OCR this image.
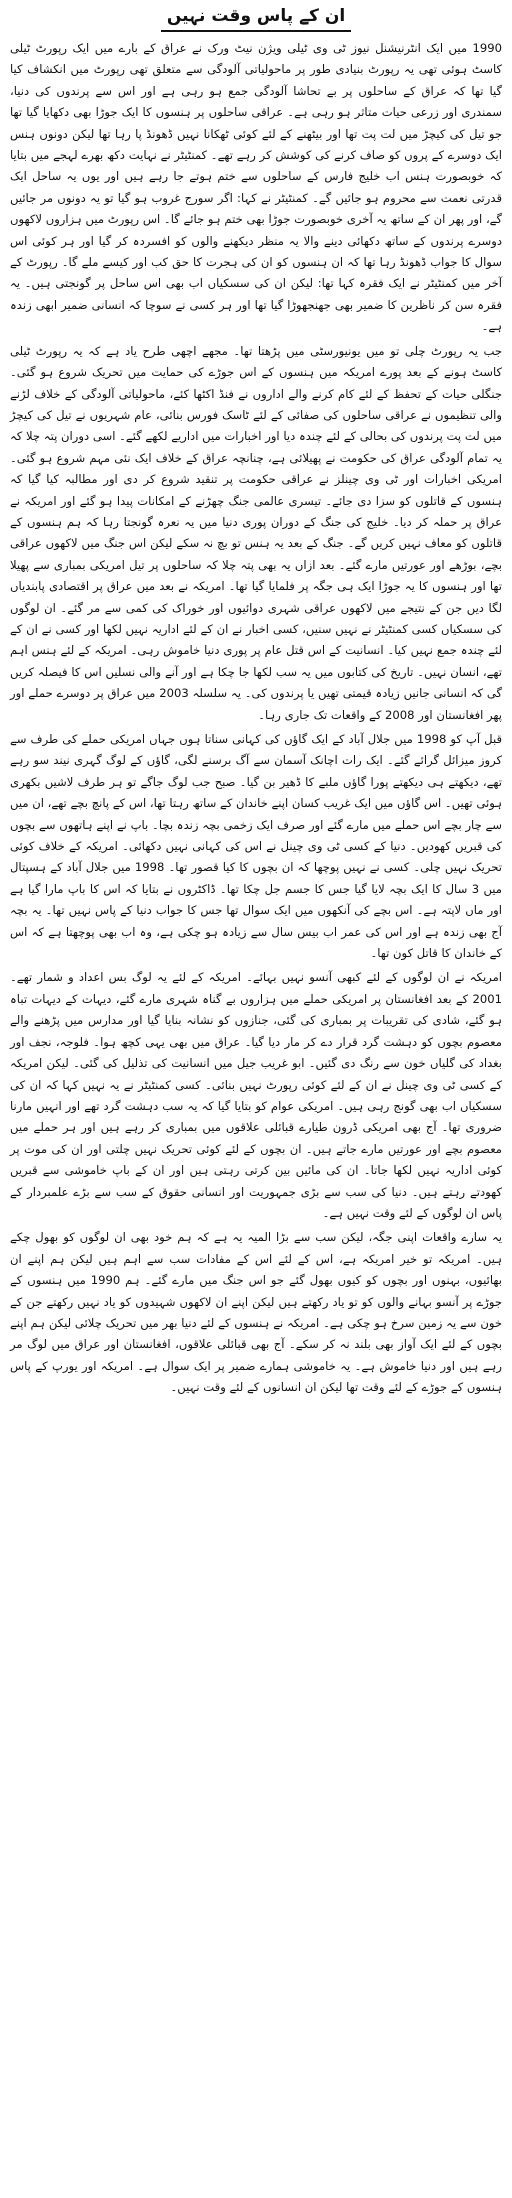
ان کے پاس وقت نہیں

1990 میں ایک انٹرنیشنل نیوز ٹی وی ٹیلی ویژن نیٹ ورک نے عراق کے بارے میں ایک رپورٹ ٹیلی کاسٹ ہوئی تھی یہ رپورٹ بنیادی طور پر ماحولیاتی آلودگی سے متعلق تھی رپورٹ میں انکشاف کیا گیا تھا کہ عراق کے ساحلوں پر بے تحاشا آلودگی جمع ہو رہی ہے اور اس سے پرندوں کی دنیا، سمندری اور زرعی حیات متاثر ہو رہی ہے۔ عراقی ساحلوں پر ہنسوں کا ایک جوڑا بھی دکھایا گیا تھا جو تیل کی کیچڑ میں لت پت تھا اور بیٹھنے کے لئے کوئی ٹھکانا نہیں ڈھونڈ پا رہا تھا لیکن دونوں ہنس ایک دوسرے کے پروں کو صاف کرنے کی کوشش کر رہے تھے۔ کمنٹیٹر نے نہایت دکھ بھرے لہجے میں بتایا کہ خوبصورت ہنس اب خلیج فارس کے ساحلوں سے ختم ہوتے جا رہے ہیں اور یوں یہ ساحل ایک قدرتی نعمت سے محروم ہو جائیں گے۔ کمنٹیٹر نے کہا: اگر سورج غروب ہو گیا تو یہ دونوں مر جائیں گے، اور پھر ان کے ساتھ یہ آخری خوبصورت جوڑا بھی ختم ہو جائے گا۔ اس رپورٹ میں ہزاروں لاکھوں دوسرے پرندوں کے ساتھ دکھائی دینے والا یہ منظر دیکھنے والوں کو افسردہ کر گیا اور ہر کوئی اس سوال کا جواب ڈھونڈ رہا تھا کہ ان ہنسوں کو ان کی ہجرت کا حق کب اور کیسے ملے گا۔ رپورٹ کے آخر میں کمنٹیٹر نے ایک فقرہ کہا تھا: لیکن ان کی سسکیاں اب بھی اس ساحل پر گونجتی ہیں۔ یہ فقرہ سن کر ناظرین کا ضمیر بھی جھنجھوڑا گیا تھا اور ہر کسی نے سوچا کہ انسانی ضمیر ابھی زندہ ہے۔

جب یہ رپورٹ چلی تو میں یونیورسٹی میں پڑھتا تھا۔ مجھے اچھی طرح یاد ہے کہ یہ رپورٹ ٹیلی کاسٹ ہونے کے بعد پورے امریکہ میں ہنسوں کے اس جوڑے کی حمایت میں تحریک شروع ہو گئی۔ جنگلی حیات کے تحفظ کے لئے کام کرنے والے اداروں نے فنڈ اکٹھا کئے، ماحولیاتی آلودگی کے خلاف لڑنے والی تنظیموں نے عراقی ساحلوں کی صفائی کے لئے ٹاسک فورس بنائی، عام شہریوں نے تیل کی کیچڑ میں لت پت پرندوں کی بحالی کے لئے چندہ دیا اور اخبارات میں اداریے لکھے گئے۔ اسی دوران پتہ چلا کہ یہ تمام آلودگی عراق کی حکومت نے پھیلائی ہے، چنانچہ عراق کے خلاف ایک نئی مہم شروع ہو گئی۔ امریکی اخبارات اور ٹی وی چینلز نے عراقی حکومت پر تنقید شروع کر دی اور مطالبہ کیا گیا کہ ہنسوں کے قاتلوں کو سزا دی جائے۔ تیسری عالمی جنگ چھڑنے کے امکانات پیدا ہو گئے اور امریکہ نے عراق پر حملہ کر دیا۔ خلیج کی جنگ کے دوران پوری دنیا میں یہ نعرہ گونجتا رہا کہ ہم ہنسوں کے قاتلوں کو معاف نہیں کریں گے۔ جنگ کے بعد یہ ہنس تو بچ نہ سکے لیکن اس جنگ میں لاکھوں عراقی بچے، بوڑھے اور عورتیں مارے گئے۔ بعد ازاں یہ بھی پتہ چلا کہ ساحلوں پر تیل امریکی بمباری سے پھیلا تھا اور ہنسوں کا یہ جوڑا ایک ہی جگہ پر فلمایا گیا تھا۔ امریکہ نے بعد میں عراق پر اقتصادی پابندیاں لگا دیں جن کے نتیجے میں لاکھوں عراقی شہری دوائیوں اور خوراک کی کمی سے مر گئے۔ ان لوگوں کی سسکیاں کسی کمنٹیٹر نے نہیں سنیں، کسی اخبار نے ان کے لئے اداریہ نہیں لکھا اور کسی نے ان کے لئے چندہ جمع نہیں کیا۔ انسانیت کے اس قتل عام پر پوری دنیا خاموش رہی۔ امریکہ کے لئے ہنس اہم تھے، انسان نہیں۔ تاریخ کی کتابوں میں یہ سب لکھا جا چکا ہے اور آنے والی نسلیں اس کا فیصلہ کریں گی کہ انسانی جانیں زیادہ قیمتی تھیں یا پرندوں کی۔ یہ سلسلہ 2003 میں عراق پر دوسرے حملے اور پھر افغانستان اور 2008 کے واقعات تک جاری رہا۔

قبل آپ کو 1998 میں جلال آباد کے ایک گاؤں کی کہانی سناتا ہوں جہاں امریکی حملے کی طرف سے کروز میزائل گرائے گئے۔ ایک رات اچانک آسمان سے آگ برسنے لگی، گاؤں کے لوگ گہری نیند سو رہے تھے، دیکھتے ہی دیکھتے پورا گاؤں ملبے کا ڈھیر بن گیا۔ صبح جب لوگ جاگے تو ہر طرف لاشیں بکھری ہوئی تھیں۔ اس گاؤں میں ایک غریب کسان اپنے خاندان کے ساتھ رہتا تھا، اس کے پانچ بچے تھے، ان میں سے چار بچے اس حملے میں مارے گئے اور صرف ایک زخمی بچہ زندہ بچا۔ باپ نے اپنے ہاتھوں سے بچوں کی قبریں کھودیں۔ دنیا کے کسی ٹی وی چینل نے اس کی کہانی نہیں دکھائی۔ امریکہ کے خلاف کوئی تحریک نہیں چلی۔ کسی نے نہیں پوچھا کہ ان بچوں کا کیا قصور تھا۔ 1998 میں جلال آباد کے ہسپتال میں 3 سال کا ایک بچہ لایا گیا جس کا جسم جل چکا تھا۔ ڈاکٹروں نے بتایا کہ اس کا باپ مارا گیا ہے اور ماں لاپتہ ہے۔ اس بچے کی آنکھوں میں ایک سوال تھا جس کا جواب دنیا کے پاس نہیں تھا۔ یہ بچہ آج بھی زندہ ہے اور اس کی عمر اب بیس سال سے زیادہ ہو چکی ہے، وہ اب بھی پوچھتا ہے کہ اس کے خاندان کا قاتل کون تھا۔

امریکہ نے ان لوگوں کے لئے کبھی آنسو نہیں بہائے۔ امریکہ کے لئے یہ لوگ بس اعداد و شمار تھے۔ 2001 کے بعد افغانستان پر امریکی حملے میں ہزاروں بے گناہ شہری مارے گئے، دیہات کے دیہات تباہ ہو گئے، شادی کی تقریبات پر بمباری کی گئی، جنازوں کو نشانہ بنایا گیا اور مدارس میں پڑھنے والے معصوم بچوں کو دہشت گرد قرار دے کر مار دیا گیا۔ عراق میں بھی یہی کچھ ہوا۔ فلوجہ، نجف اور بغداد کی گلیاں خون سے رنگ دی گئیں۔ ابو غریب جیل میں انسانیت کی تذلیل کی گئی۔ لیکن امریکہ کے کسی ٹی وی چینل نے ان کے لئے کوئی رپورٹ نہیں بنائی۔ کسی کمنٹیٹر نے یہ نہیں کہا کہ ان کی سسکیاں اب بھی گونج رہی ہیں۔ امریکی عوام کو بتایا گیا کہ یہ سب دہشت گرد تھے اور انہیں مارنا ضروری تھا۔ آج بھی امریکی ڈرون طیارے قبائلی علاقوں میں بمباری کر رہے ہیں اور ہر حملے میں معصوم بچے اور عورتیں مارے جاتے ہیں۔ ان بچوں کے لئے کوئی تحریک نہیں چلتی اور ان کی موت پر کوئی اداریہ نہیں لکھا جاتا۔ ان کی مائیں بین کرتی رہتی ہیں اور ان کے باپ خاموشی سے قبریں کھودتے رہتے ہیں۔ دنیا کی سب سے بڑی جمہوریت اور انسانی حقوق کے سب سے بڑے علمبردار کے پاس ان لوگوں کے لئے وقت نہیں ہے۔

یہ سارے واقعات اپنی جگہ، لیکن سب سے بڑا المیہ یہ ہے کہ ہم خود بھی ان لوگوں کو بھول چکے ہیں۔ امریکہ تو خیر امریکہ ہے، اس کے لئے اس کے مفادات سب سے اہم ہیں لیکن ہم اپنے ان بھائیوں، بہنوں اور بچوں کو کیوں بھول گئے جو اس جنگ میں مارے گئے۔ ہم 1990 میں ہنسوں کے جوڑے پر آنسو بہانے والوں کو تو یاد رکھتے ہیں لیکن اپنے ان لاکھوں شہیدوں کو یاد نہیں رکھتے جن کے خون سے یہ زمین سرخ ہو چکی ہے۔ امریکہ نے ہنسوں کے لئے دنیا بھر میں تحریک چلائی لیکن ہم اپنے بچوں کے لئے ایک آواز بھی بلند نہ کر سکے۔ آج بھی قبائلی علاقوں، افغانستان اور عراق میں لوگ مر رہے ہیں اور دنیا خاموش ہے۔ یہ خاموشی ہمارے ضمیر پر ایک سوال ہے۔ امریکہ اور یورپ کے پاس ہنسوں کے جوڑے کے لئے وقت تھا لیکن ان انسانوں کے لئے وقت نہیں۔
